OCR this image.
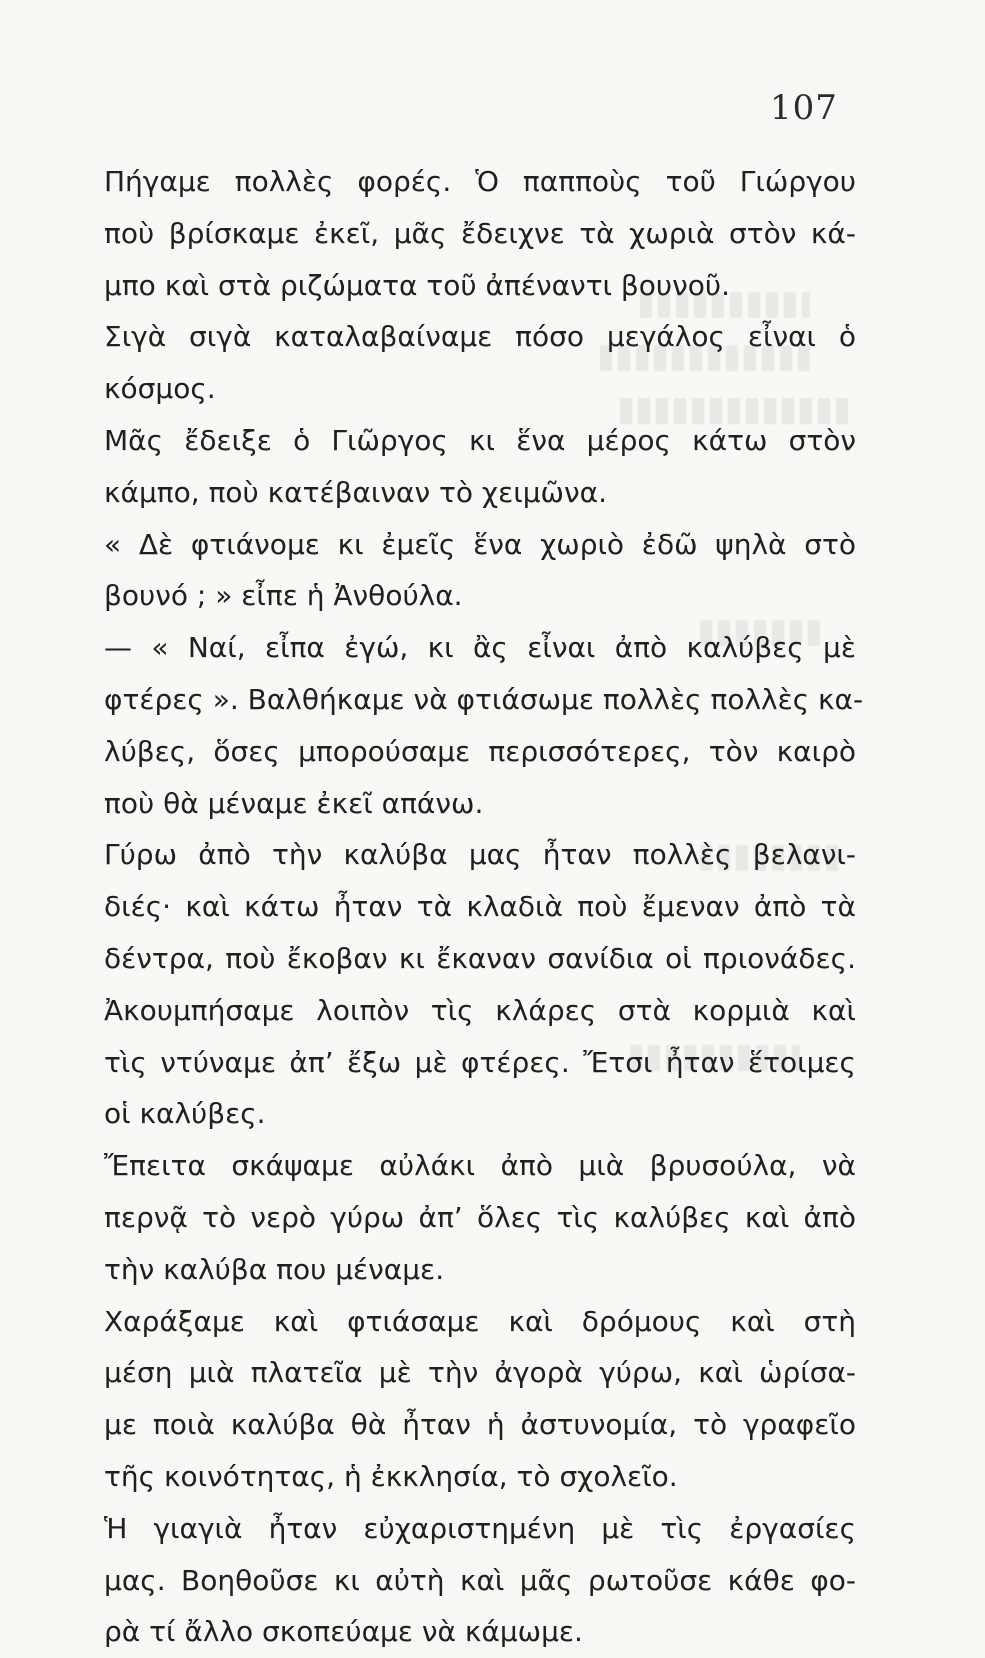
107
Πήγαμε πολλὲς φορές. Ὁ παπποὺς τοῦ Γιώργου
ποὺ βρίσκαμε ἐκεῖ, μᾶς ἔδειχνε τὰ χωριὰ στὸν κά-
μπο καὶ στὰ ριζώματα τοῦ ἀπέναντι βουνοῦ.
Σιγὰ σιγὰ καταλαβαίναμε πόσο μεγάλος εἶναι ὁ
κόσμος.
Μᾶς ἔδειξε ὁ Γιῶργος κι ἕνα μέρος κάτω στὸν
κάμπο, ποὺ κατέβαιναν τὸ χειμῶνα.
« Δὲ φτιάνομε κι ἐμεῖς ἕνα χωριὸ ἐδῶ ψηλὰ στὸ
βουνό ; » εἶπε ἡ Ἀνθούλα.
— « Ναί, εἶπα ἐγώ, κι ἂς εἶναι ἀπὸ καλύβες μὲ
φτέρες ». Βαλθήκαμε νὰ φτιάσωμε πολλὲς πολλὲς κα-
λύβες, ὅσες μπορούσαμε περισσότερες, τὸν καιρὸ
ποὺ θὰ μέναμε ἐκεῖ απάνω.
Γύρω ἀπὸ τὴν καλύβα μας ἦταν πολλὲς βελανι-
διές· καὶ κάτω ἦταν τὰ κλαδιὰ ποὺ ἔμεναν ἀπὸ τὰ
δέντρα, ποὺ ἔκοβαν κι ἔκαναν σανίδια οἱ πριονάδες.
Ἀκουμπήσαμε λοιπὸν τὶς κλάρες στὰ κορμιὰ καὶ
τὶς ντύναμε ἀπ’ ἔξω μὲ φτέρες. Ἔτσι ἦταν ἕτοιμες
οἱ καλύβες.
Ἔπειτα σκάψαμε αὐλάκι ἀπὸ μιὰ βρυσούλα, νὰ
περνᾷ τὸ νερὸ γύρω ἀπ’ ὅλες τὶς καλύβες καὶ ἀπὸ
τὴν καλύβα που μέναμε.
Χαράξαμε καὶ φτιάσαμε καὶ δρόμους καὶ στὴ
μέση μιὰ πλατεῖα μὲ τὴν ἀγορὰ γύρω, καὶ ὡρίσα-
με ποιὰ καλύβα θὰ ἦταν ἡ ἀστυνομία, τὸ γραφεῖο
τῆς κοινότητας, ἡ ἐκκλησία, τὸ σχολεῖο.
Ἡ γιαγιὰ ἦταν εὐχαριστημένη μὲ τὶς ἐργασίες
μας. Βοηθοῦσε κι αὐτὴ καὶ μᾶς ρωτοῦσε κάθε φο-
ρὰ τί ἄλλο σκοπεύαμε νὰ κάμωμε.
